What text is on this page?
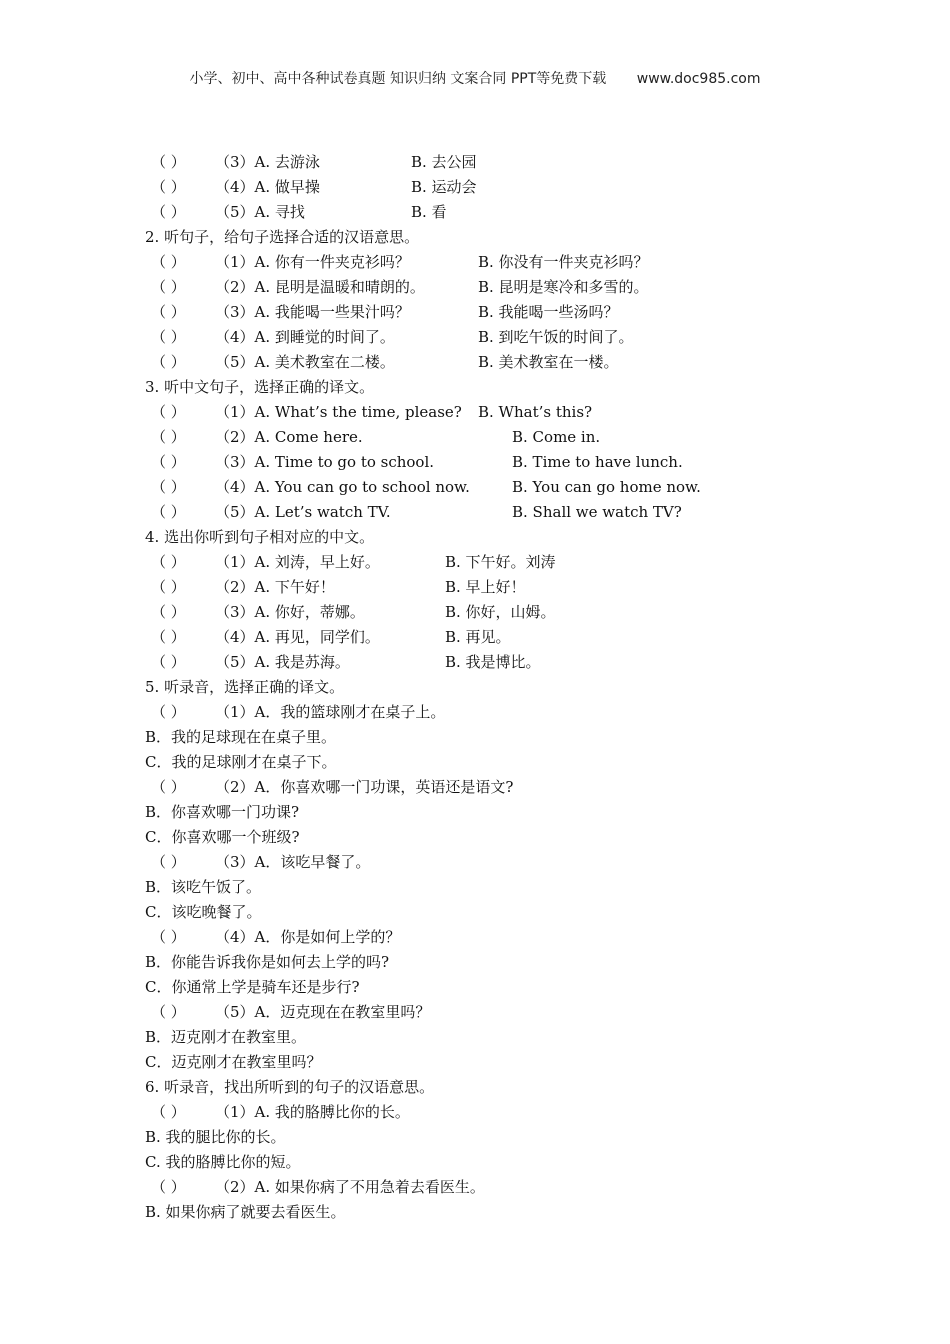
小学、初中、高中各种试卷真题 知识归纳 文案合同 PPT等免费下载 www.doc985.com
（ ） （3）A. 去游泳	B. 去公园
（ ） （4）A. 做早操	B. 运动会
（ ） （5）A. 寻找	B. 看
2. 听句子，给句子选择合适的汉语意思。
（ ） （1）A. 你有一件夹克衫吗？	B. 你没有一件夹克衫吗？
（ ） （2）A. 昆明是温暖和晴朗的。	B. 昆明是寒冷和多雪的。
（ ） （3）A. 我能喝一些果汁吗？	B. 我能喝一些汤吗？
（ ） （4）A. 到睡觉的时间了。	B. 到吃午饭的时间了。
（ ） （5）A. 美术教室在二楼。	B. 美术教室在一楼。
3. 听中文句子，选择正确的译文。
（ ） （1）A. What’s the time, please? B. What’s this?
（ ） （2）A. Come here.	B. Come in.
（ ） （3）A. Time to go to school.	B. Time to have lunch.
（ ） （4）A. You can go to school now.	B. You can go home now.
（ ） （5）A. Let’s watch TV.	B. Shall we watch TV?
4. 选出你听到句子相对应的中文。
（ ） （1）A. 刘涛，早上好。	B. 下午好。刘涛
（ ） （2）A. 下午好！	B. 早上好！
（ ） （3）A. 你好，蒂娜。	B. 你好，山姆。
（ ） （4）A. 再见，同学们。	B. 再见。
（ ） （5）A. 我是苏海。	B. 我是博比。
5. 听录音，选择正确的译文。
（ ） （1）A．我的篮球刚才在桌子上。
B．我的足球现在在桌子里。
C．我的足球刚才在桌子下。
（ ） （2）A．你喜欢哪一门功课，英语还是语文?
B．你喜欢哪一门功课?
C．你喜欢哪一个班级?
（ ） （3）A．该吃早餐了。
B．该吃午饭了。
C．该吃晚餐了。
（ ） （4）A．你是如何上学的？
B．你能告诉我你是如何去上学的吗?
C．你通常上学是骑车还是步行?
（ ） （5）A．迈克现在在教室里吗？
B．迈克刚才在教室里。
C．迈克刚才在教室里吗？
6. 听录音，找出所听到的句子的汉语意思。
（ ） （1）A. 我的胳膊比你的长。
B. 我的腿比你的长。
C. 我的胳膊比你的短。
（ ） （2）A. 如果你病了不用急着去看医生。
B. 如果你病了就要去看医生。
